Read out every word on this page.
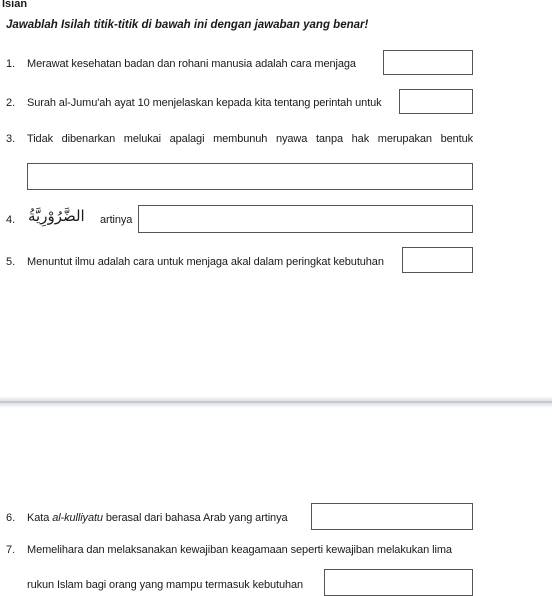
Isian
Jawablah Isilah titik-titik di bawah ini dengan jawaban yang benar!
1. Merawat kesehatan badan dan rohani manusia adalah cara menjaga
2. Surah al-Jumu'ah ayat 10 menjelaskan kepada kita tentang perintah untuk
3. Tidak dibenarkan melukai apalagi membunuh nyawa tanpa hak merupakan bentuk
4. الضَّرُوْرِيَّةُ artinya
5. Menuntut ilmu adalah cara untuk menjaga akal dalam peringkat kebutuhan
6. Kata al-kulliyatu berasal dari bahasa Arab yang artinya
7. Memelihara dan melaksanakan kewajiban keagamaan seperti kewajiban melakukan lima
rukun Islam bagi orang yang mampu termasuk kebutuhan
